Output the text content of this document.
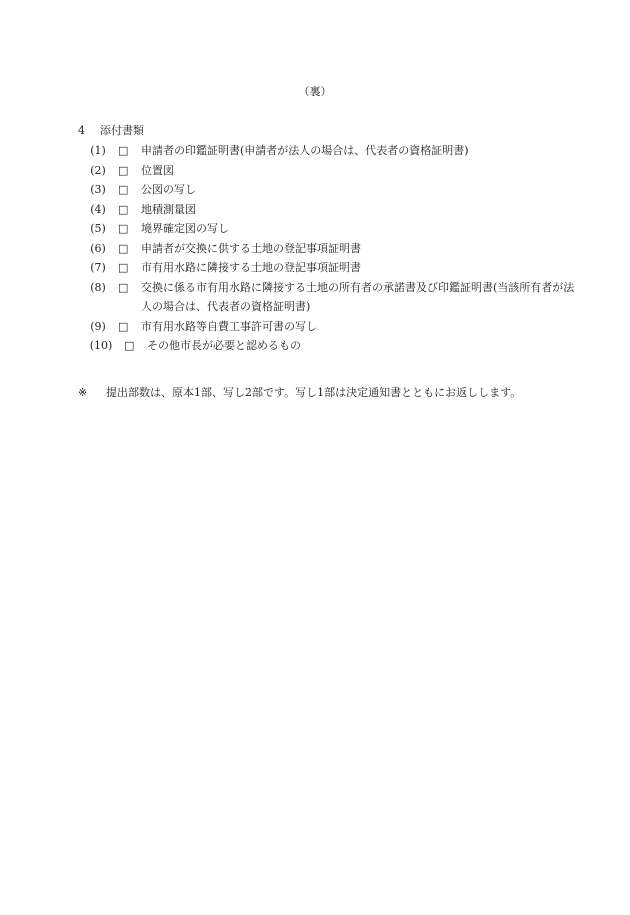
（裏）
4 添付書類
(1)	□	申請者の印鑑証明書(申請者が法人の場合は、代表者の資格証明書)
(2)	□	位置図
(3)	□	公図の写し
(4)	□	地積測量図
(5)	□	境界確定図の写し
(6)	□	申請者が交換に供する土地の登記事項証明書
(7)	□	市有用水路に隣接する土地の登記事項証明書
(8)	□	交換に係る市有用水路に隣接する土地の所有者の承諾書及び印鑑証明書(当該所有者が法人の場合は、代表者の資格証明書)
(9)	□	市有用水路等自費工事許可書の写し
(10)	□	その他市長が必要と認めるもの
※ 提出部数は、原本1部、写し2部です。写し1部は決定通知書とともにお返しします。
